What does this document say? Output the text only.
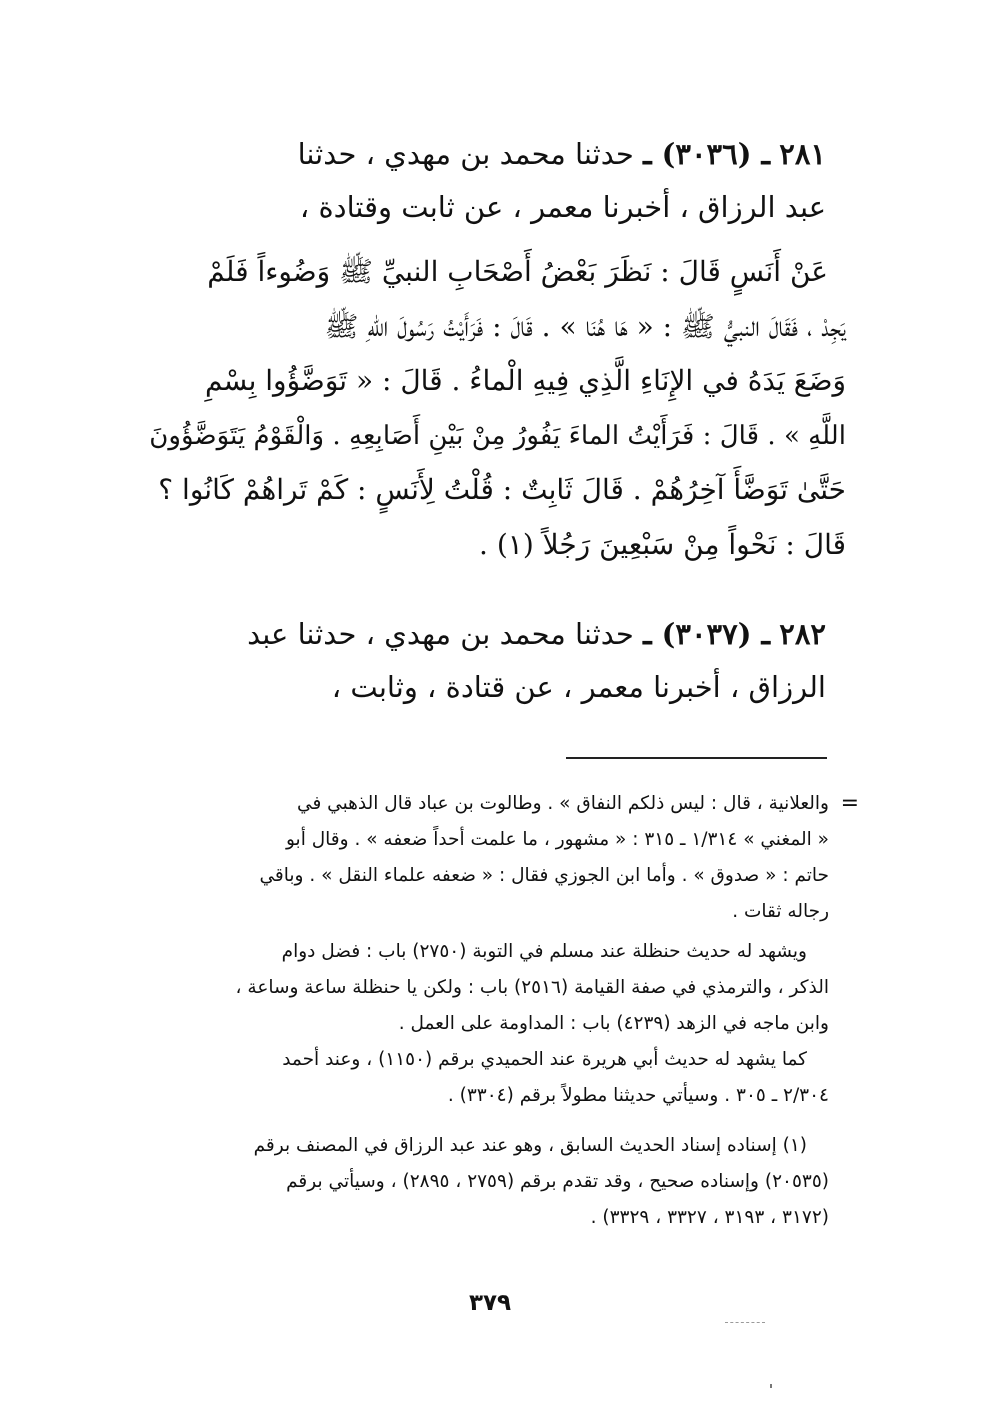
٢٨١ ـ (٣٠٣٦) ـ حدثنا محمد بن مهدي ، حدثنا
عبد الرزاق ، أخبرنا معمر ، عن ثابت وقتادة ،
عَنْ أَنَسٍ قَالَ : نَظَرَ بَعْضُ أَصْحَابِ النبيِّ ﷺ وَضُوءاً فَلَمْ
يَجِدْ ، فَقَالَ النبيُّ ﷺ : « هَا هُنَا » . قَالَ : فَرَأَيْتُ رَسُولَ اللهِ ﷺ
وَضَعَ يَدَهُ في الإِنَاءِ الَّذِي فِيهِ الْماءُ . قَالَ : « تَوَضَّؤُوا بِسْمِ
اللَّهِ » . قَالَ : فَرَأَيْتُ الماءَ يَفُورُ مِنْ بَيْنِ أَصَابِعِهِ . وَالْقَوْمُ يَتَوَضَّؤُونَ
حَتَّىٰ تَوَضَّأَ آخِرُهُمْ . قَالَ ثَابِتٌ : قُلْتُ لِأَنَسٍ : كَمْ تَراهُمْ كَانُوا ؟
قَالَ : نَحْواً مِنْ سَبْعِينَ رَجُلاً (١) .
٢٨٢ ـ (٣٠٣٧) ـ حدثنا محمد بن مهدي ، حدثنا عبد
الرزاق ، أخبرنا معمر ، عن قتادة ، وثابت ،
=

والعلانية ، قال : ليس ذلكم النفاق » . وطالوت بن عباد قال الذهبي في
« المغني » ١/٣١٤ ـ ٣١٥ : « مشهور ، ما علمت أحداً ضعفه » . وقال أبو
حاتم : « صدوق » . وأما ابن الجوزي فقال : « ضعفه علماء النقل » . وباقي
رجاله ثقات .

ويشهد له حديث حنظلة عند مسلم في التوبة (٢٧٥٠) باب : فضل دوام
الذكر ، والترمذي في صفة القيامة (٢٥١٦) باب : ولكن يا حنظلة ساعة وساعة ،
وابن ماجه في الزهد (٤٢٣٩) باب : المداومة على العمل .

كما يشهد له حديث أبي هريرة عند الحميدي برقم (١١٥٠) ، وعند أحمد
٢/٣٠٤ ـ ٣٠٥ . وسيأتي حديثنا مطولاً برقم (٣٣٠٤) .

(١) إسناده إسناد الحديث السابق ، وهو عند عبد الرزاق في المصنف برقم
(٢٠٥٣٥) وإسناده صحيح ، وقد تقدم برقم (٢٧٥٩ ، ٢٨٩٥) ، وسيأتي برقم
(٣١٧٢ ، ٣١٩٣ ، ٣٣٢٧ ، ٣٣٢٩) .

٣٧٩
